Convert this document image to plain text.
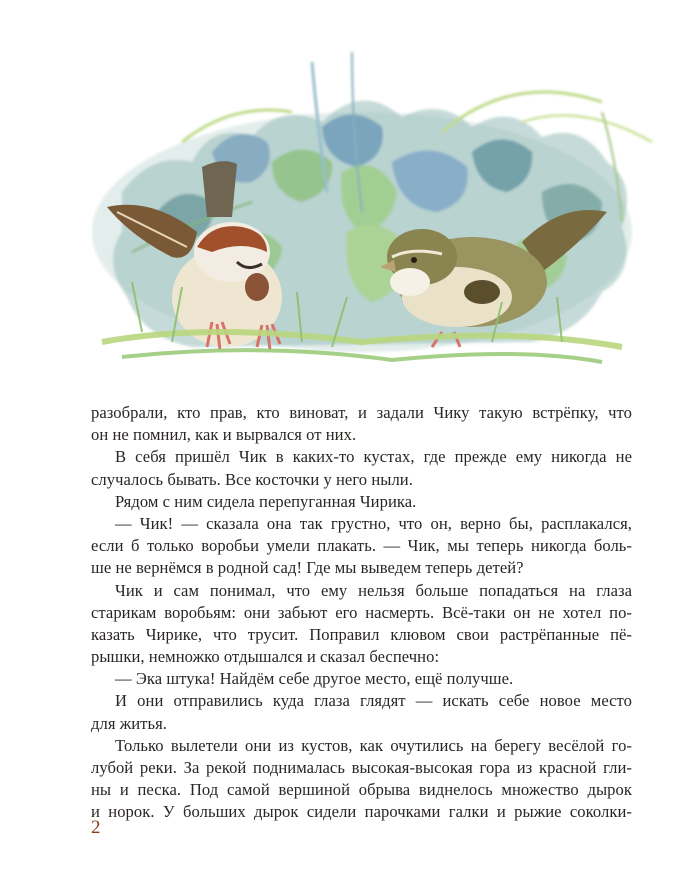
разобрали, кто прав, кто виноват, и задали Чику такую встрёпку, что
он не помнил, как и вырвался от них.
В себя пришёл Чик в каких-то кустах, где прежде ему никогда не
случалось бывать. Все косточки у него ныли.
Рядом с ним сидела перепуганная Чирика.
— Чик! — сказала она так грустно, что он, верно бы, расплакался,
если б только воробьи умели плакать. — Чик, мы теперь никогда боль-
ше не вернёмся в родной сад! Где мы выведем теперь детей?
Чик и сам понимал, что ему нельзя больше попадаться на глаза
старикам воробьям: они забьют его насмерть. Всё-таки он не хотел по-
казать Чирике, что трусит. Поправил клювом свои растрёпанные пё-
рышки, немножко отдышался и сказал беспечно:
— Эка штука! Найдём себе другое место, ещё получше.
И они отправились куда глаза глядят — искать себе новое место
для житья.
Только вылетели они из кустов, как очутились на берегу весёлой го-
лубой реки. За рекой поднималась высокая-высокая гора из красной гли-
ны и песка. Под самой вершиной обрыва виднелось множество дырок
и норок. У больших дырок сидели парочками галки и рыжие соколки-
2
